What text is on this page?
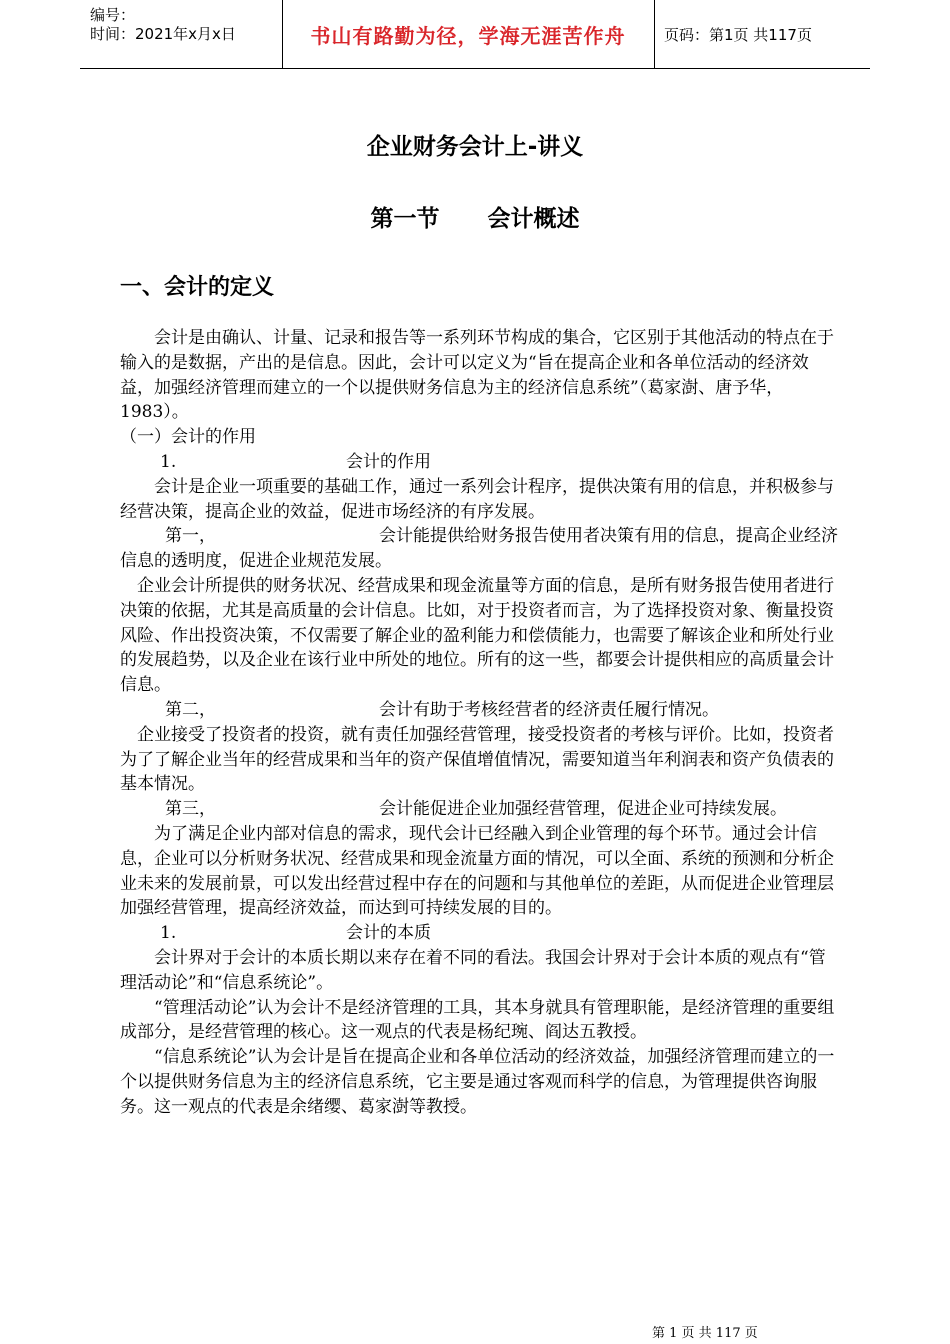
编号：
时间：2021年x月x日	书山有路勤为径，学海无涯苦作舟	页码：第1页 共117页
企业财务会计上-讲义
第一节 会计概述
一、会计的定义

会计是由确认、计量、记录和报告等一系列环节构成的集合，它区别于其他活动的特点在于输入的是数据，产出的是信息。因此，会计可以定义为“旨在提高企业和各单位活动的经济效益，加强经济管理而建立的一个以提供财务信息为主的经济信息系统”（葛家澍、唐予华，1983）。

（一）会计的作用

1.	会计的作用

会计是企业一项重要的基础工作，通过一系列会计程序，提供决策有用的信息，并积极参与经营决策，提高企业的效益，促进市场经济的有序发展。

第一，	会计能提供给财务报告使用者决策有用的信息，提高企业经济信息的透明度，促进企业规范发展。

企业会计所提供的财务状况、经营成果和现金流量等方面的信息，是所有财务报告使用者进行决策的依据，尤其是高质量的会计信息。比如，对于投资者而言，为了选择投资对象、衡量投资风险、作出投资决策，不仅需要了解企业的盈利能力和偿债能力，也需要了解该企业和所处行业的发展趋势，以及企业在该行业中所处的地位。所有的这一些，都要会计提供相应的高质量会计信息。

第二，	会计有助于考核经营者的经济责任履行情况。

企业接受了投资者的投资，就有责任加强经营管理，接受投资者的考核与评价。比如，投资者为了了解企业当年的经营成果和当年的资产保值增值情况，需要知道当年利润表和资产负债表的基本情况。

第三，	会计能促进企业加强经营管理，促进企业可持续发展。

为了满足企业内部对信息的需求，现代会计已经融入到企业管理的每个环节。通过会计信息，企业可以分析财务状况、经营成果和现金流量方面的情况，可以全面、系统的预测和分析企业未来的发展前景，可以发出经营过程中存在的问题和与其他单位的差距，从而促进企业管理层加强经营管理，提高经济效益，而达到可持续发展的目的。

1.	会计的本质

会计界对于会计的本质长期以来存在着不同的看法。我国会计界对于会计本质的观点有“管理活动论”和“信息系统论”。

“管理活动论”认为会计不是经济管理的工具，其本身就具有管理职能，是经济管理的重要组成部分，是经营管理的核心。这一观点的代表是杨纪琬、阎达五教授。

“信息系统论”认为会计是旨在提高企业和各单位活动的经济效益，加强经济管理而建立的一个以提供财务信息为主的经济信息系统，它主要是通过客观而科学的信息，为管理提供咨询服务。这一观点的代表是余绪缨、葛家澍等教授。

第 1 页 共 117 页
